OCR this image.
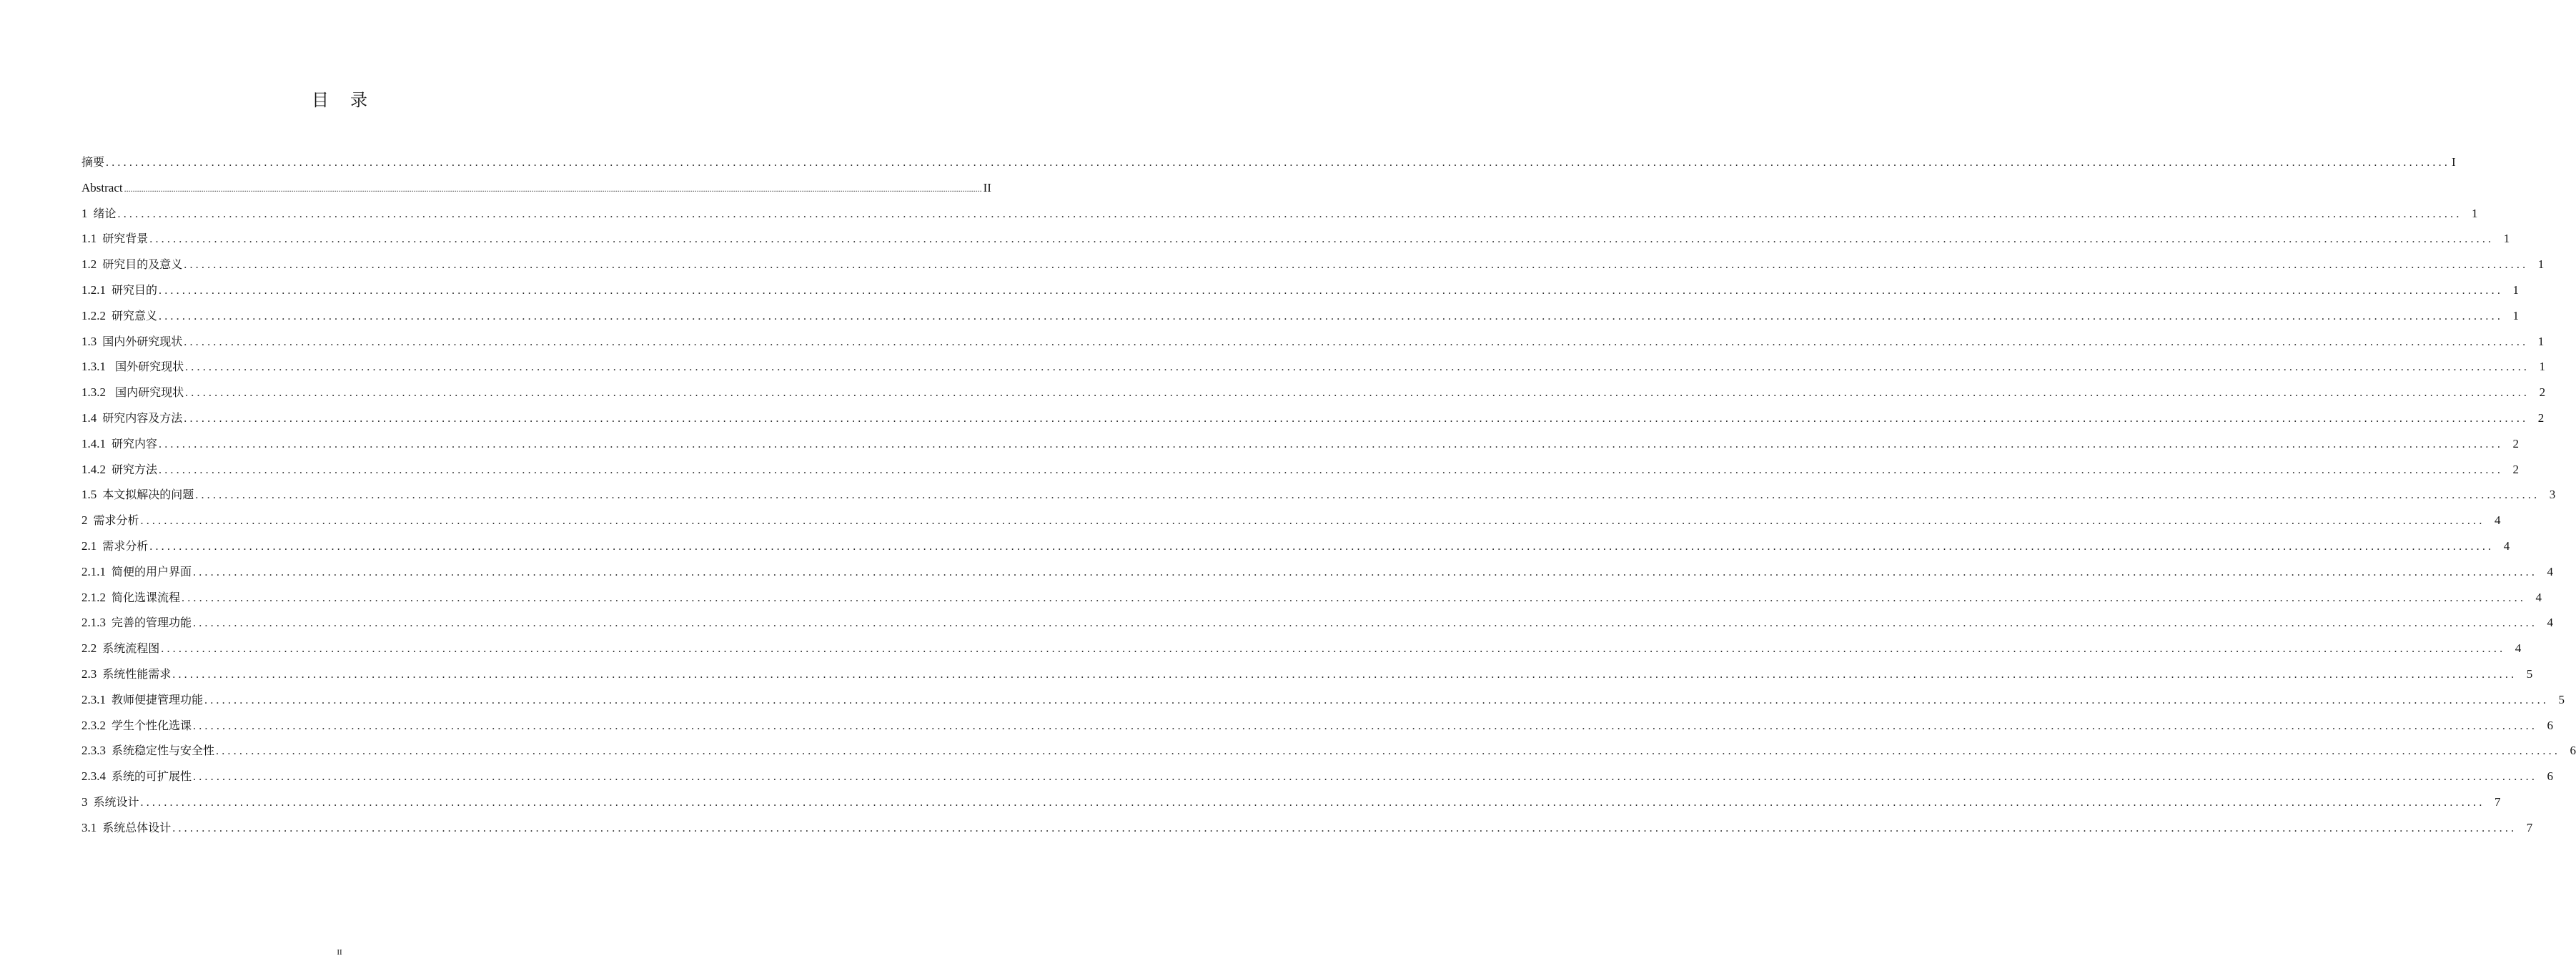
目 录
摘要 ................................................................................................................................................................................................................................................................................................................................................................................................................ I
Abstract ................................................................................................................................................................................................................................................................................................................................................................................................................ II
1 绪论 ................................................................................................................................................................................................................................................................................................................................................................................................................ 1
1.1 研究背景 ................................................................................................................................................................................................................................................................................................................................................................................................................ 1
1.2 研究目的及意义 ................................................................................................................................................................................................................................................................................................................................................................................................................ 1
1.2.1 研究目的 ................................................................................................................................................................................................................................................................................................................................................................................................................ 1
1.2.2 研究意义 ................................................................................................................................................................................................................................................................................................................................................................................................................ 1
1.3 国内外研究现状 ................................................................................................................................................................................................................................................................................................................................................................................................................ 1
1.3.1 国外研究现状 ................................................................................................................................................................................................................................................................................................................................................................................................................ 1
1.3.2 国内研究现状 ................................................................................................................................................................................................................................................................................................................................................................................................................ 2
1.4 研究内容及方法 ................................................................................................................................................................................................................................................................................................................................................................................................................ 2
1.4.1 研究内容 ................................................................................................................................................................................................................................................................................................................................................................................................................ 2
1.4.2 研究方法 ................................................................................................................................................................................................................................................................................................................................................................................................................ 2
1.5 本文拟解决的问题 ................................................................................................................................................................................................................................................................................................................................................................................................................ 3
2 需求分析 ................................................................................................................................................................................................................................................................................................................................................................................................................ 4
2.1 需求分析 ................................................................................................................................................................................................................................................................................................................................................................................................................ 4
2.1.1 简便的用户界面 ................................................................................................................................................................................................................................................................................................................................................................................................................ 4
2.1.2 简化选课流程 ................................................................................................................................................................................................................................................................................................................................................................................................................ 4
2.1.3 完善的管理功能 ................................................................................................................................................................................................................................................................................................................................................................................................................ 4
2.2 系统流程图 ................................................................................................................................................................................................................................................................................................................................................................................................................ 4
2.3 系统性能需求 ................................................................................................................................................................................................................................................................................................................................................................................................................ 5
2.3.1 教师便捷管理功能 ................................................................................................................................................................................................................................................................................................................................................................................................................ 5
2.3.2 学生个性化选课 ................................................................................................................................................................................................................................................................................................................................................................................................................ 6
2.3.3 系统稳定性与安全性 ................................................................................................................................................................................................................................................................................................................................................................................................................ 6
2.3.4 系统的可扩展性 ................................................................................................................................................................................................................................................................................................................................................................................................................ 6
3 系统设计 ................................................................................................................................................................................................................................................................................................................................................................................................................ 7
3.1 系统总体设计 ................................................................................................................................................................................................................................................................................................................................................................................................................ 7
II
